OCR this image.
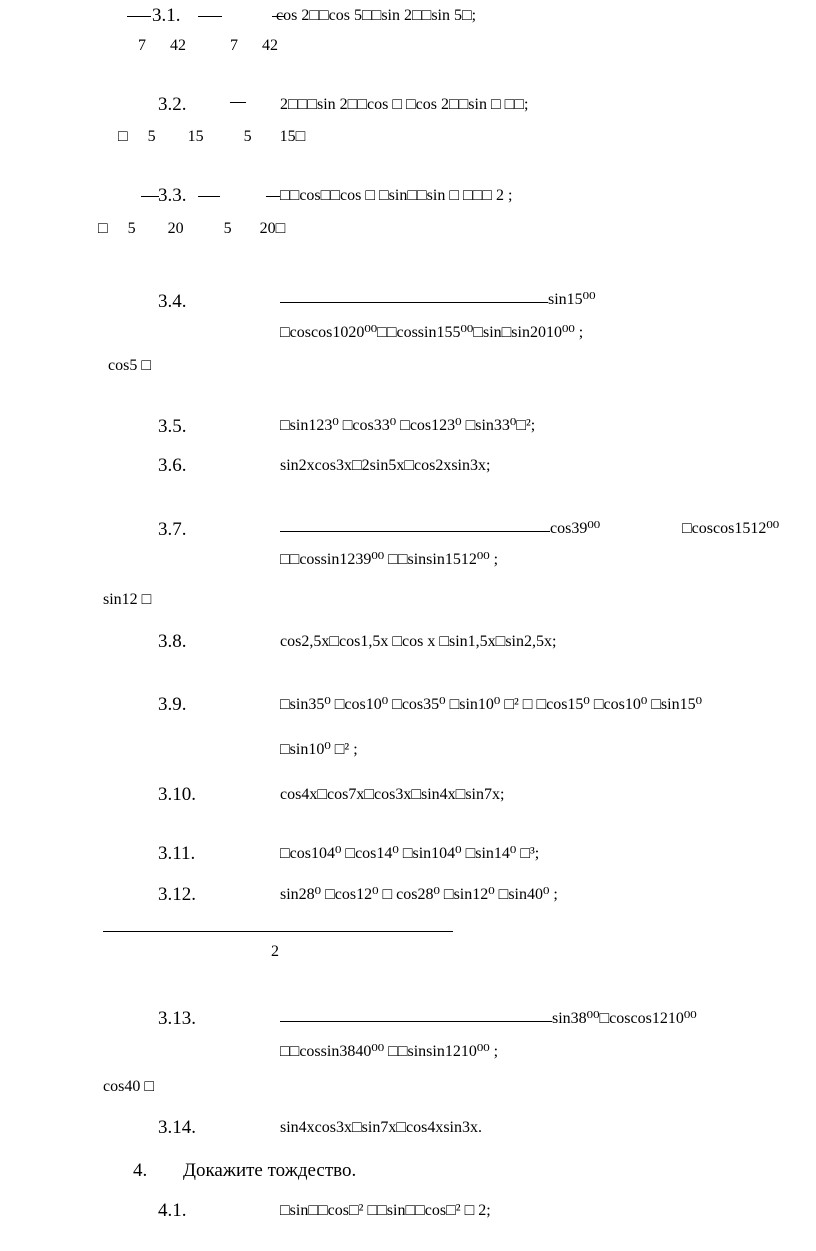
3.1.	cos 2□□cos 5□□sin 2□□sin 5□;
7      42           7      42
3.2.	2□□□sin 2□□cos □ □cos 2□□sin □ □□;
□     5        15          5       15□
3.3.	□□cos□□cos □ □sin□□sin □ □□□ 2 ;
□     5        20          5       20□
3.4.	sin15⁰⁰
□coscos1020⁰⁰□□cossin155⁰⁰□sin□sin2010⁰⁰ ;
cos5 □
3.5.	□sin123⁰ □cos33⁰ □cos123⁰ □sin33⁰□²;
3.6.	sin2xcos3x□2sin5x□cos2xsin3x;
3.7.	cos39⁰⁰	□coscos1512⁰⁰
□□cossin1239⁰⁰ □□sinsin1512⁰⁰ ;
sin12 □
3.8.	cos2,5x□cos1,5x □cos x □sin1,5x□sin2,5x;
3.9.	□sin35⁰ □cos10⁰ □cos35⁰ □sin10⁰ □² □ □cos15⁰ □cos10⁰ □sin15⁰
□sin10⁰ □² ;
3.10.	cos4x□cos7x□cos3x□sin4x□sin7x;
3.11.	□cos104⁰ □cos14⁰ □sin104⁰ □sin14⁰ □³;
3.12.	sin28⁰ □cos12⁰ □ cos28⁰ □sin12⁰ □sin40⁰ ;
2
3.13.	sin38⁰⁰□coscos1210⁰⁰
□□cossin3840⁰⁰ □□sinsin1210⁰⁰ ;
cos40 □
3.14.	sin4xcos3x□sin7x□cos4xsin3x.
4. Докажите тождество.
4.1.	□sin□□cos□² □□sin□□cos□² □ 2;
